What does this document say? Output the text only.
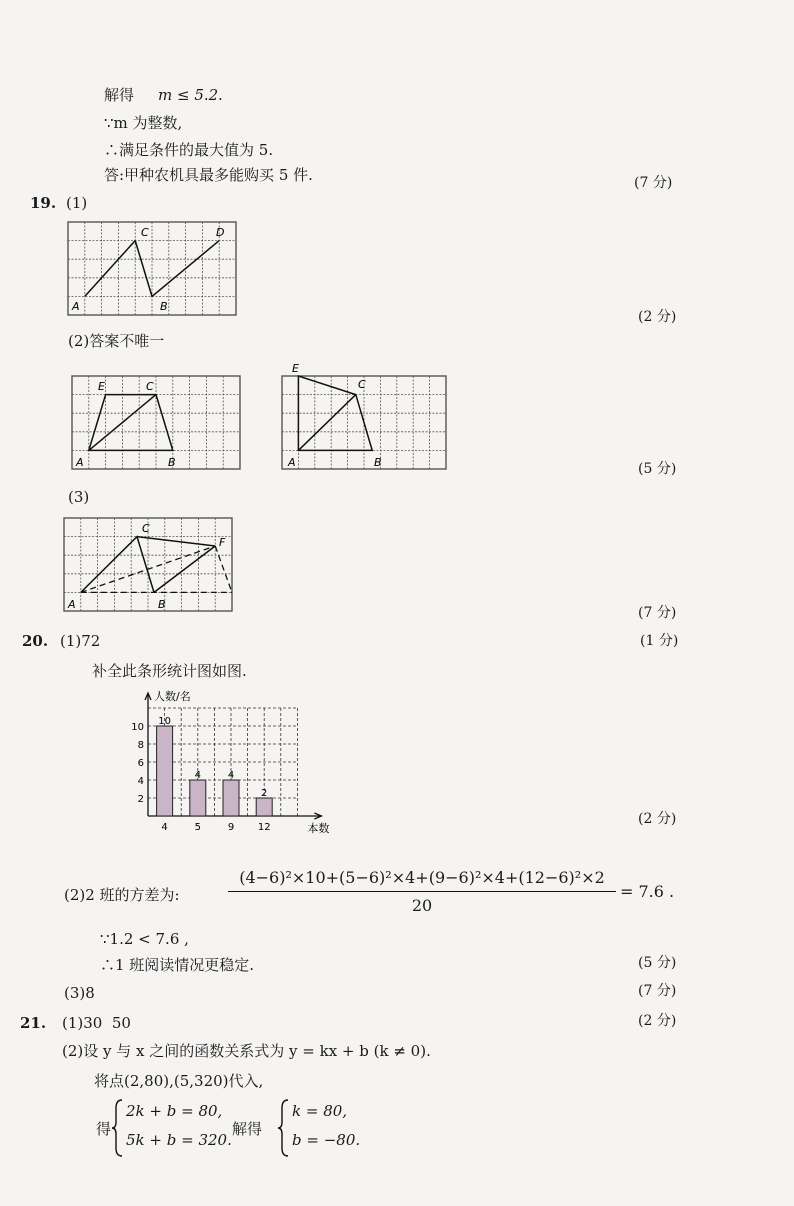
解得 m ≤ 5.2 .
∵m 为整数,
∴满足条件的最大值为 5.
答:甲种农机具最多能购买 5 件.	(7 分)
19. (1)
A
C
B
D
(2 分)
(2)答案不唯一
A
E	C
B	A
E
C
B	(5 分)
(3)
A
C
B
F
(7 分)
20. (1)72	(1 分)
补全此条形统计图如图.
2
4
6
8
10
10
4
4
5
4
9
2
12
人数/名
本数
(2 分)
(2)2 班的方差为:
(4−6)²×10+(5−6)²×4+(9−6)²×4+(12−6)²×2
20
= 7.6 .
∵1.2 < 7.6 ,
∴1 班阅读情况更稳定.	(5 分)
(3)8	(7 分)
21. (1)30  50	(2 分)
(2)设 y 与 x 之间的函数关系式为 y = kx + b (k ≠ 0).
将点(2,80),(5,320)代入,
得
2k + b = 80,
5k + b = 320.
解得
k = 80,
b = −80.
